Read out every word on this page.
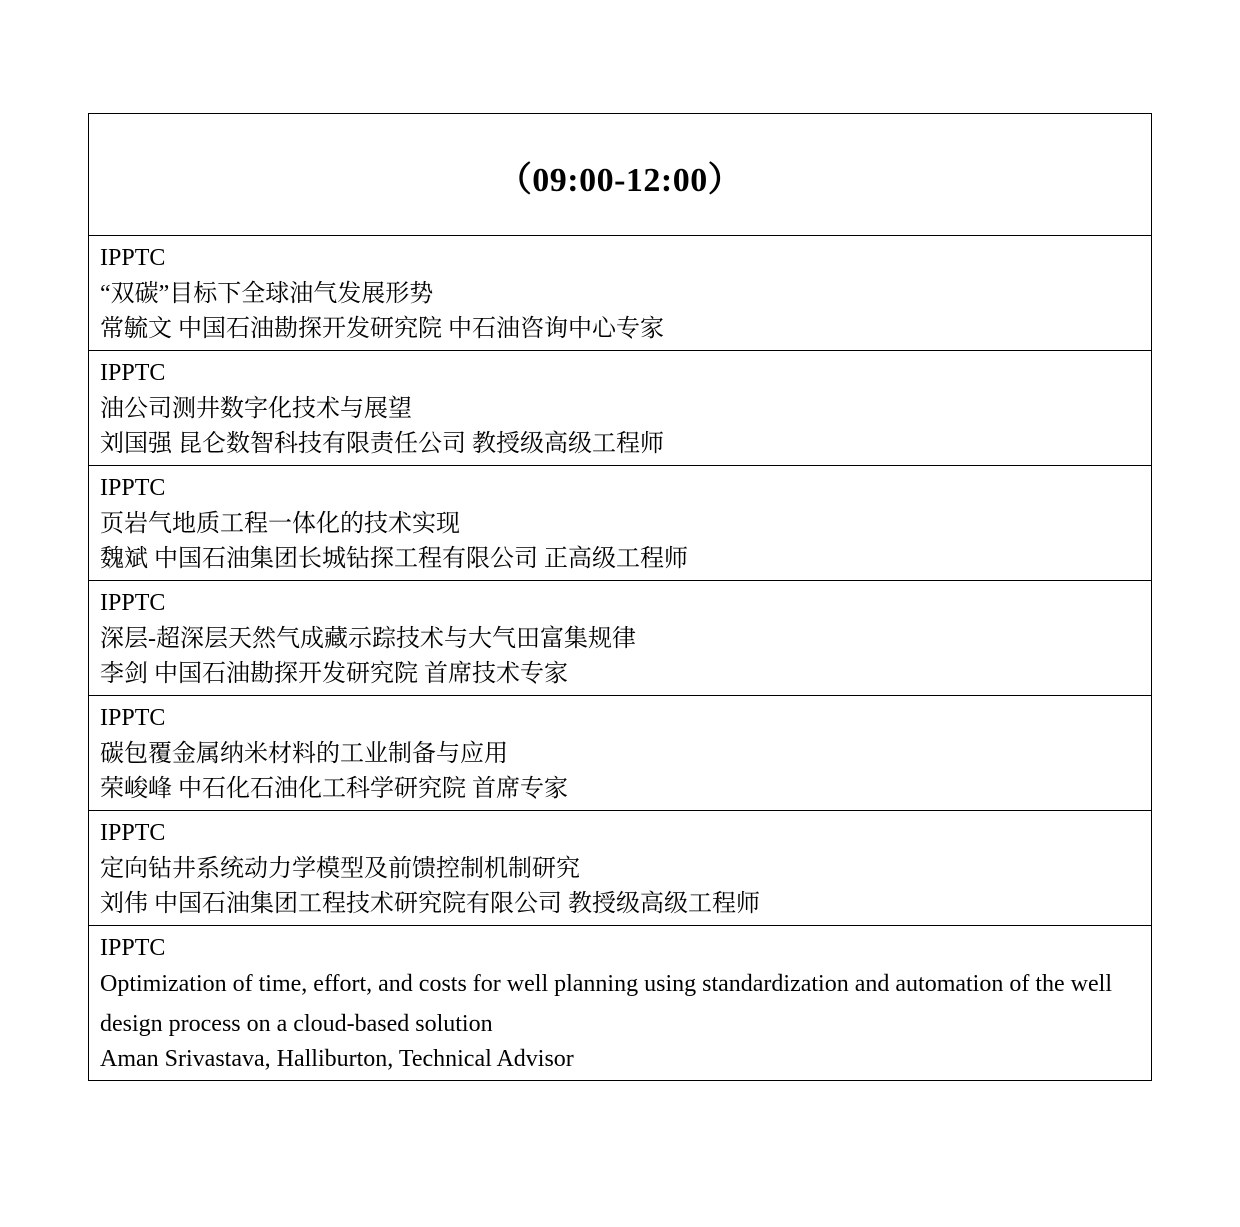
（09:00-12:00）
IPPTC
“双碳”目标下全球油气发展形势
常毓文 中国石油勘探开发研究院 中石油咨询中心专家
IPPTC
油公司测井数字化技术与展望
刘国强 昆仑数智科技有限责任公司 教授级高级工程师
IPPTC
页岩气地质工程一体化的技术实现
魏斌 中国石油集团长城钻探工程有限公司 正高级工程师
IPPTC
深层-超深层天然气成藏示踪技术与大气田富集规律
李剑 中国石油勘探开发研究院 首席技术专家
IPPTC
碳包覆金属纳米材料的工业制备与应用
荣峻峰 中石化石油化工科学研究院 首席专家
IPPTC
定向钻井系统动力学模型及前馈控制机制研究
刘伟 中国石油集团工程技术研究院有限公司 教授级高级工程师
IPPTC
Optimization of time, effort, and costs for well planning using standardization and automation of the well design process on a cloud-based solution
Aman Srivastava, Halliburton, Technical Advisor
